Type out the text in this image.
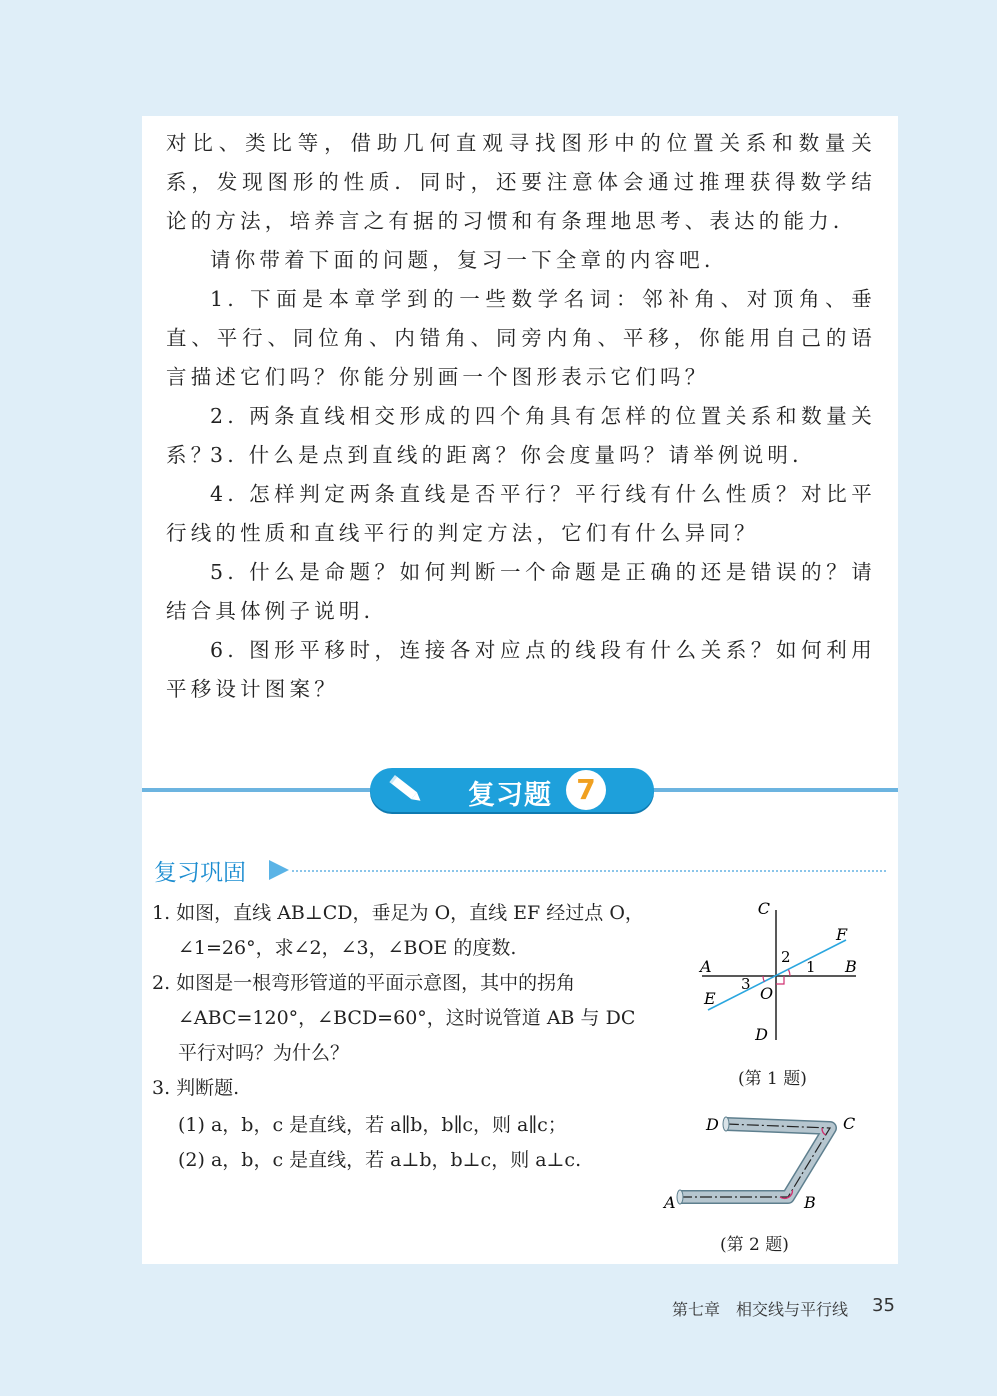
对比、类比等，借助几何直观寻找图形中的位置关系和数量关系，发现图形的性质．同时，还要注意体会通过推理获得数学结论的方法，培养言之有据的习惯和有条理地思考、表达的能力．

请你带着下面的问题，复习一下全章的内容吧．

1. 下面是本章学到的一些数学名词：邻补角、对顶角、垂直、平行、同位角、内错角、同旁内角、平移，你能用自己的语言描述它们吗？你能分别画一个图形表示它们吗？

2. 两条直线相交形成的四个角具有怎样的位置关系和数量关系？

3. 什么是点到直线的距离？你会度量吗？请举例说明．

4. 怎样判定两条直线是否平行？平行线有什么性质？对比平行线的性质和直线平行的判定方法，它们有什么异同？

5. 什么是命题？如何判断一个命题是正确的还是错误的？请结合具体例子说明．

6. 图形平移时，连接各对应点的线段有什么关系？如何利用平移设计图案？

复习题 7
复习巩固

1. 如图，直线 AB⊥CD，垂足为 O，直线 EF 经过点 O，

∠1=26°，求∠2，∠3，∠BOE 的度数.

2. 如图是一根弯形管道的平面示意图，其中的拐角

∠ABC=120°，∠BCD=60°，这时说管道 AB 与 DC

平行对吗？为什么？

3. 判断题.

(1) a，b，c 是直线，若 a∥b，b∥c，则 a∥c；

(2) a，b，c 是直线，若 a⊥b，b⊥c，则 a⊥c.

C
D
A	B
E
F
O
1
2
3
(第 1 题)
A	B
C
D
(第 2 题)
第七章　相交线与平行线 35
